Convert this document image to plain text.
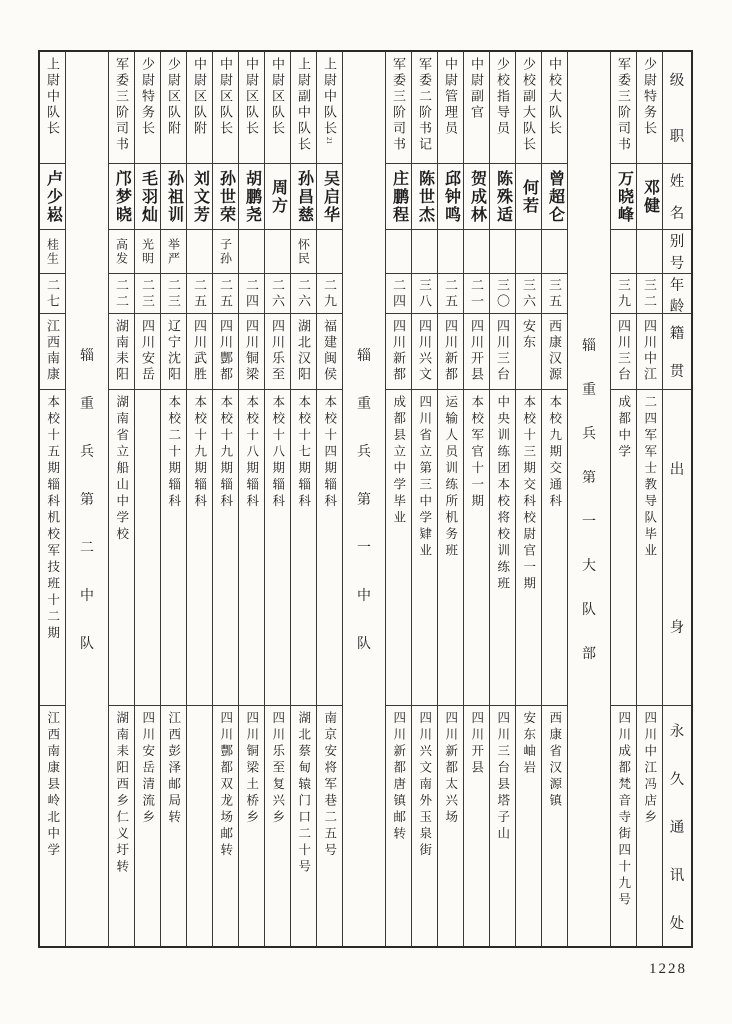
级
职
姓
名
别
号
年
龄
籍
贯
出
身
永
久
通
讯
处
少尉特务长
邓健
三二
四川中江
二四军军士教导队毕业
四川中江冯店乡
军委三阶司书
万晓峰
三九
四川三台
成都中学
四川成都梵音寺街四十九号
辎
重
兵
第
一
大
队
部
中校大队长
曾超仑
三五
西康汉源
本校九期交通科
西康省汉源镇
少校副大队长
何若
三六
安东
本校十三期交科校尉官一期
安东岫岩
少校指导员
陈殊适
三〇
四川三台
中央训练团本校将校训练班
四川三台县塔子山
中尉副官
贺成林
二一
四川开县
本校军官十一期
四川开县
中尉管理员
邱钟鸣
二五
四川新都
运输人员训练所机务班
四川新都太兴场
军委二阶书记
陈世杰
三八
四川兴文
四川省立第三中学肄业
四川兴文南外玉泉街
军委三阶司书
庄鹏程
二四
四川新都
成都县立中学毕业
四川新都唐镇邮转
辎
重
兵
第
一
中
队
上尉中队长21
吴启华
二九
福建闽侯
本校十四期辎科
南京安将军巷二五号
上尉副中队长
孙昌慈
怀民
二六
湖北汉阳
本校十七期辎科
湖北蔡甸辕门口二十号
中尉区队长
周方
二六
四川乐至
本校十八期辎科
四川乐至复兴乡
中尉区队长
胡鹏尧
二四
四川铜梁
本校十八期辎科
四川铜梁土桥乡
中尉区队长
孙世荣
子孙
二五
四川酆都
本校十九期辎科
四川酆都双龙场邮转
中尉区队附
刘文芳
二五
四川武胜
本校十九期辎科
少尉区队附
孙祖训
举严
二三
辽宁沈阳
本校二十期辎科
江西彭泽邮局转
少尉特务长
毛羽灿
光明
二三
四川安岳
四川安岳清流乡
军委三阶司书
邝梦晓
高发
二二
湖南耒阳
湖南省立船山中学校
湖南耒阳西乡仁义圩转
辎
重
兵
第
二
中
队
上尉中队长
卢少崧
桂生
二七
江西南康
本校十五期辎科机校军技班十二期
江西南康县岭北中学
1228
